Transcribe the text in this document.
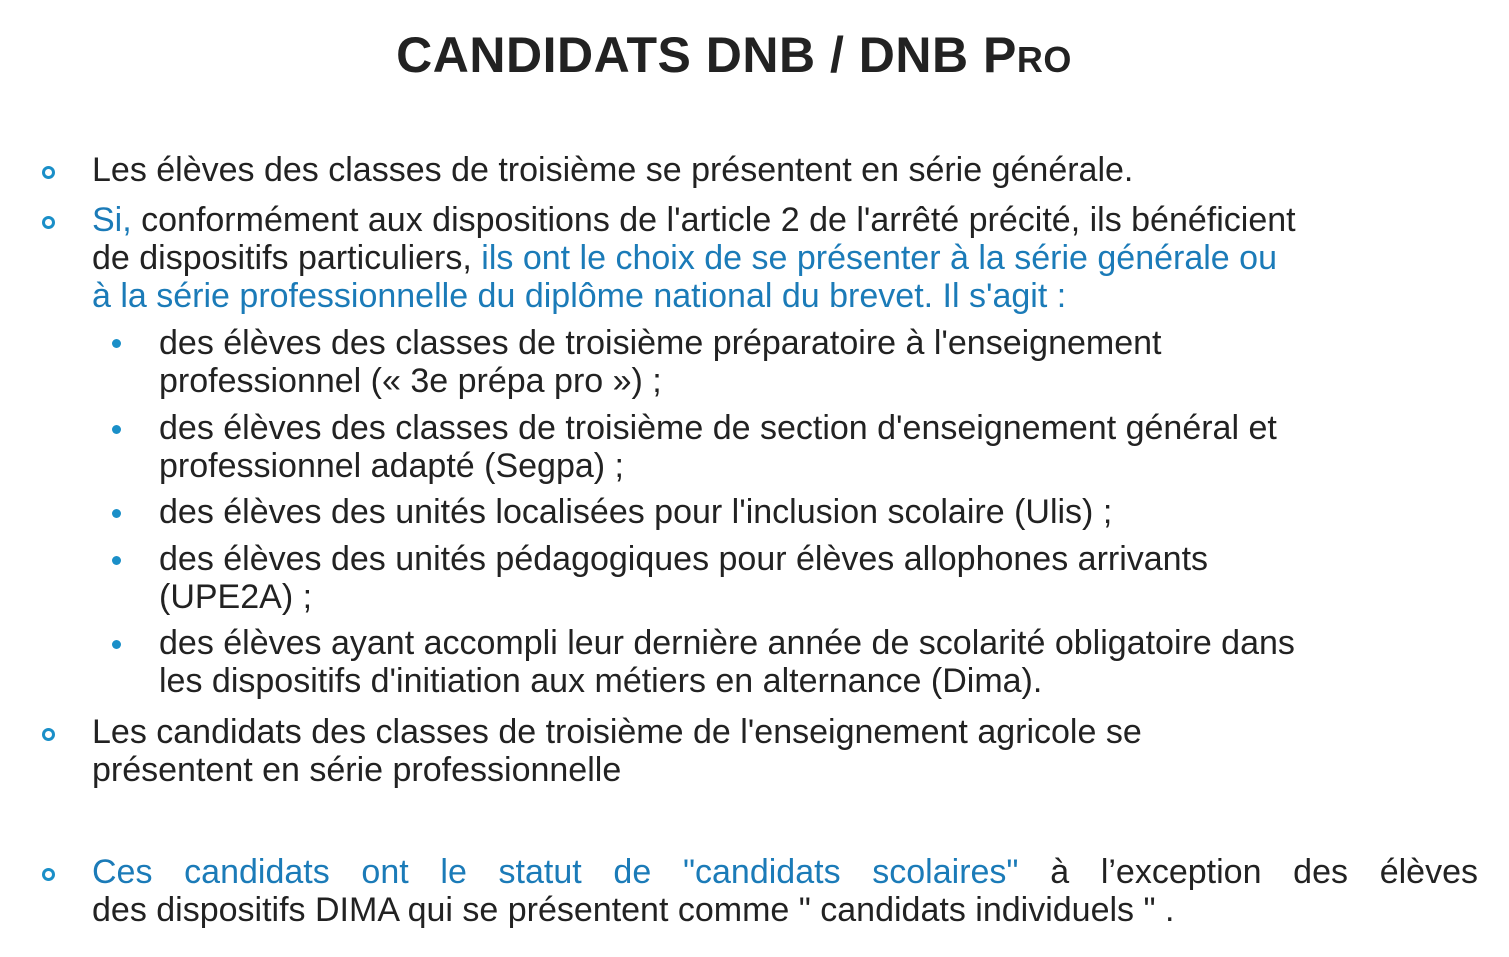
CANDIDATS DNB / DNB PRO
Les élèves des classes de troisième se présentent en série générale.
Si, conformément aux dispositions de l'article 2 de l'arrêté précité, ils bénéficient
de dispositifs particuliers, ils ont le choix de se présenter à la série générale ou
à la série professionnelle du diplôme national du brevet. Il s'agit :
des élèves des classes de troisième préparatoire à l'enseignement
professionnel (« 3e prépa pro ») ;
des élèves des classes de troisième de section d'enseignement général et
professionnel adapté (Segpa) ;
des élèves des unités localisées pour l'inclusion scolaire (Ulis) ;
des élèves des unités pédagogiques pour élèves allophones arrivants
(UPE2A) ;
des élèves ayant accompli leur dernière année de scolarité obligatoire dans
les dispositifs d'initiation aux métiers en alternance (Dima).
Les candidats des classes de troisième de l'enseignement agricole se
présentent en série professionnelle
Ces candidats ont le statut de "candidats scolaires" à l’exception des élèves
des dispositifs DIMA qui se présentent comme " candidats individuels " .
